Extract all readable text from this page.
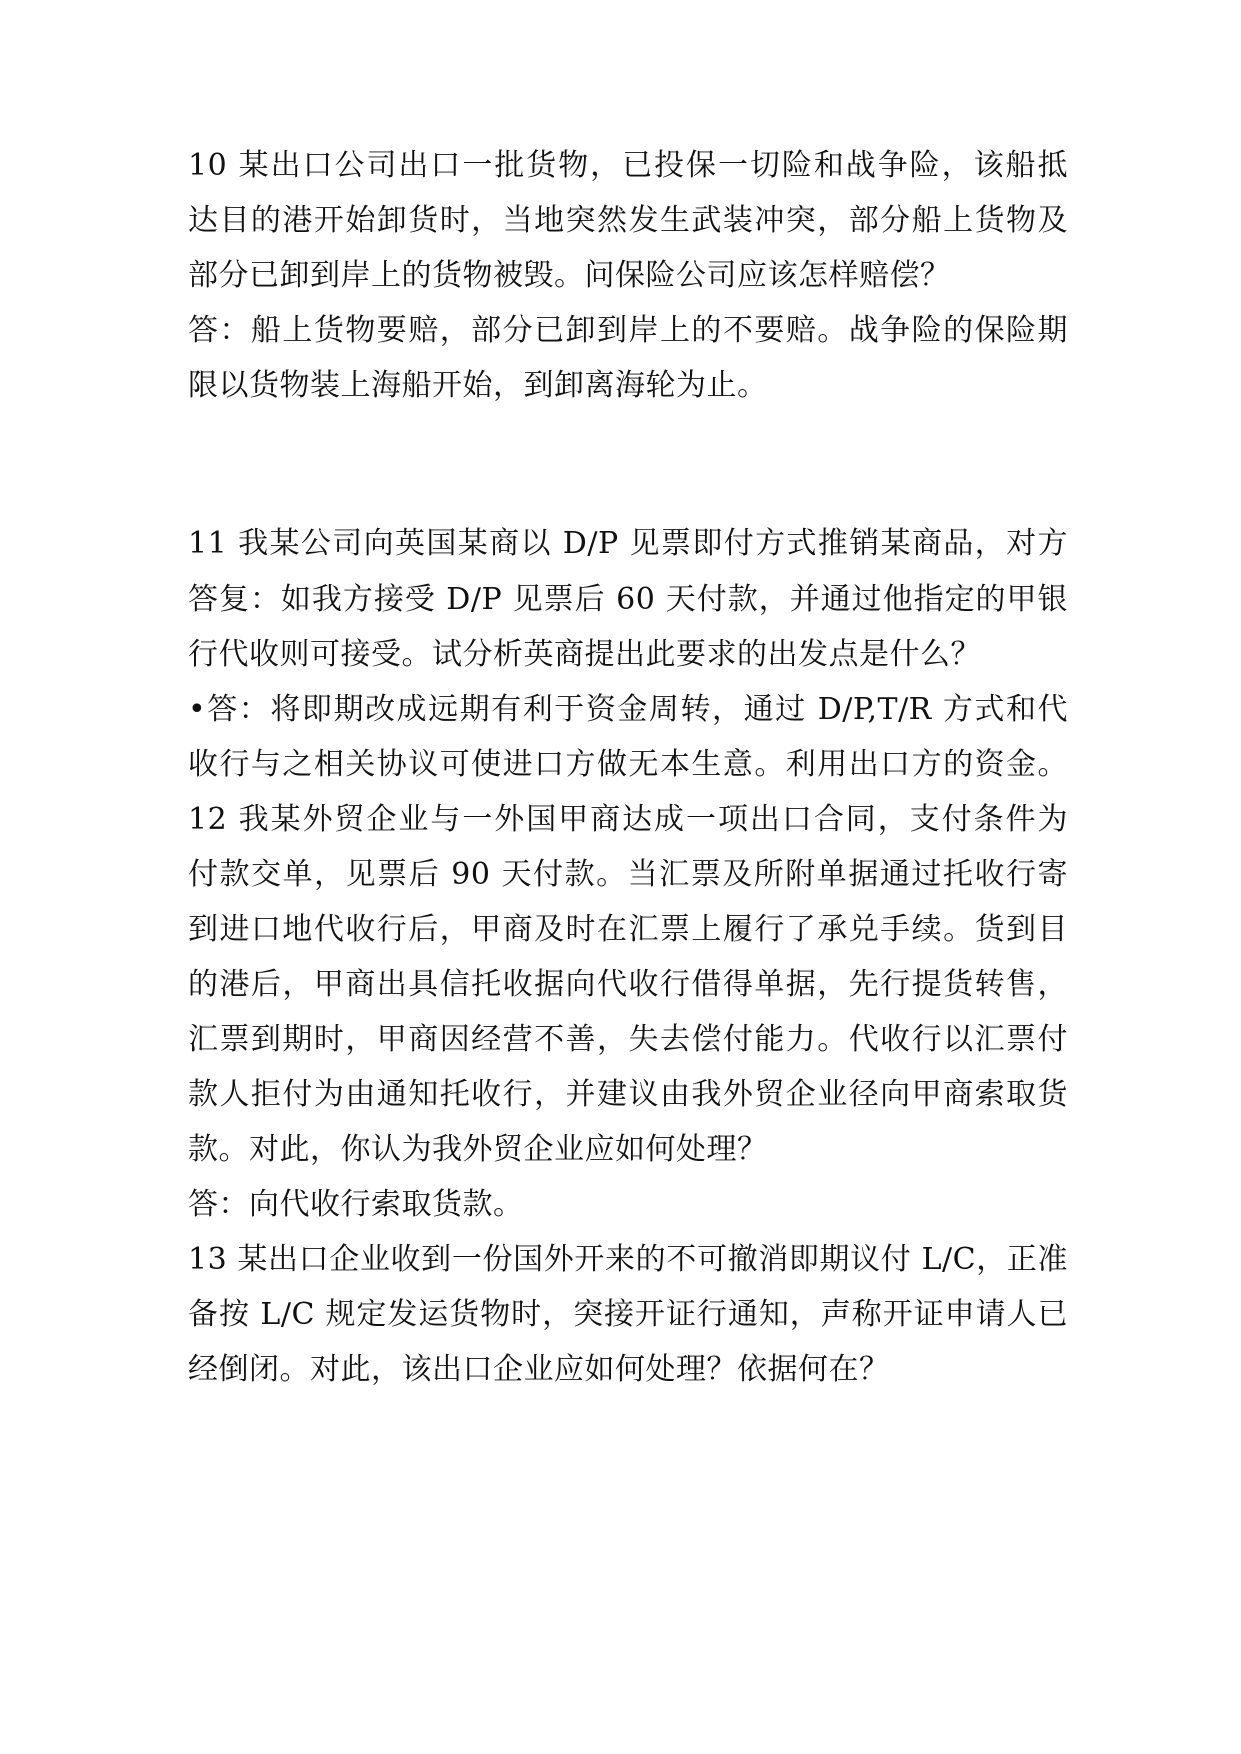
10 某出口公司出口一批货物，已投保一切险和战争险，该船抵
达目的港开始卸货时，当地突然发生武装冲突，部分船上货物及
部分已卸到岸上的货物被毁。问保险公司应该怎样赔偿？
答：船上货物要赔，部分已卸到岸上的不要赔。战争险的保险期
限以货物装上海船开始，到卸离海轮为止。
11 我某公司向英国某商以 D/P 见票即付方式推销某商品，对方
答复：如我方接受 D/P 见票后 60 天付款，并通过他指定的甲银
行代收则可接受。试分析英商提出此要求的出发点是什么？
•答：将即期改成远期有利于资金周转，通过 D/P,T/R 方式和代
收行与之相关协议可使进口方做无本生意。利用出口方的资金。
12 我某外贸企业与一外国甲商达成一项出口合同，支付条件为
付款交单，见票后 90 天付款。当汇票及所附单据通过托收行寄
到进口地代收行后，甲商及时在汇票上履行了承兑手续。货到目
的港后，甲商出具信托收据向代收行借得单据，先行提货转售，
汇票到期时，甲商因经营不善，失去偿付能力。代收行以汇票付
款人拒付为由通知托收行，并建议由我外贸企业径向甲商索取货
款。对此，你认为我外贸企业应如何处理？
答：向代收行索取货款。
13 某出口企业收到一份国外开来的不可撤消即期议付 L/C，正准
备按 L/C 规定发运货物时，突接开证行通知，声称开证申请人已
经倒闭。对此，该出口企业应如何处理？依据何在？
